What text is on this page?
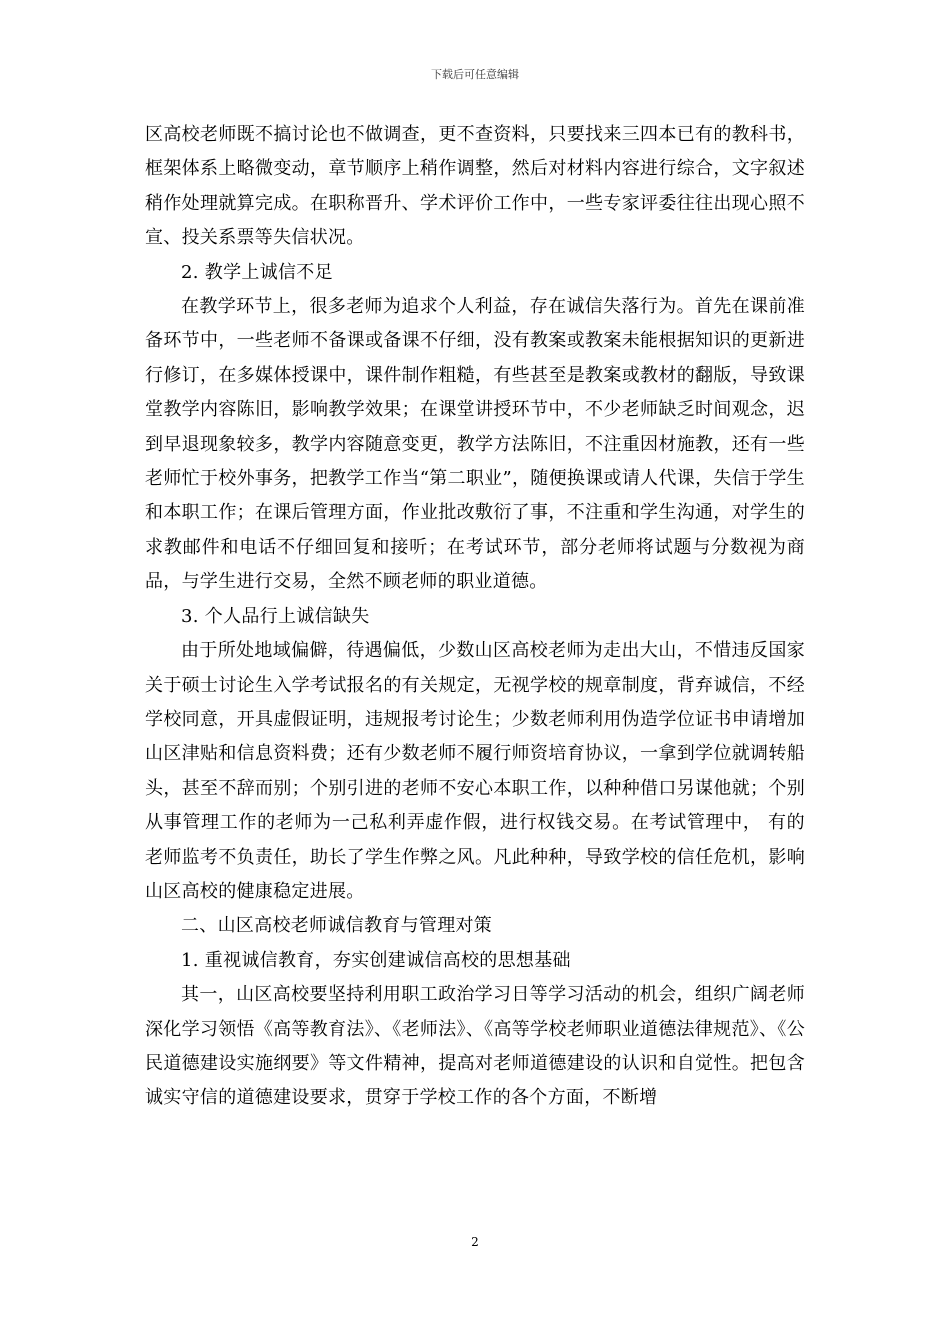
下载后可任意编辑

区高校老师既不搞讨论也不做调查，更不查资料，只要找来三四本已有的教科书，框架体系上略微变动，章节顺序上稍作调整，然后对材料内容进行综合，文字叙述稍作处理就算完成。在职称晋升、学术评价工作中，一些专家评委往往出现心照不宣、投关系票等失信状况。

2. 教学上诚信不足

在教学环节上，很多老师为追求个人利益，存在诚信失落行为。首先在课前准备环节中，一些老师不备课或备课不仔细，没有教案或教案未能根据知识的更新进行修订，在多媒体授课中，课件制作粗糙，有些甚至是教案或教材的翻版，导致课堂教学内容陈旧，影响教学效果；在课堂讲授环节中，不少老师缺乏时间观念，迟到早退现象较多，教学内容随意变更，教学方法陈旧，不注重因材施教，还有一些老师忙于校外事务，把教学工作当“第二职业”，随便换课或请人代课，失信于学生和本职工作；在课后管理方面，作业批改敷衍了事，不注重和学生沟通，对学生的求教邮件和电话不仔细回复和接听；在考试环节，部分老师将试题与分数视为商品，与学生进行交易，全然不顾老师的职业道德。

3. 个人品行上诚信缺失

由于所处地域偏僻，待遇偏低，少数山区高校老师为走出大山，不惜违反国家关于硕士讨论生入学考试报名的有关规定，无视学校的规章制度，背弃诚信，不经学校同意，开具虚假证明，违规报考讨论生；少数老师利用伪造学位证书申请增加山区津贴和信息资料费；还有少数老师不履行师资培育协议，一拿到学位就调转船头，甚至不辞而别；个别引进的老师不安心本职工作，以种种借口另谋他就；个别从事管理工作的老师为一己私利弄虚作假，进行权钱交易。在考试管理中， 有的老师监考不负责任，助长了学生作弊之风。凡此种种，导致学校的信任危机，影响山区高校的健康稳定进展。

二、山区高校老师诚信教育与管理对策

1. 重视诚信教育，夯实创建诚信高校的思想基础

其一，山区高校要坚持利用职工政治学习日等学习活动的机会，组织广阔老师深化学习领悟《高等教育法》、《老师法》、《高等学校老师职业道德法律规范》、《公民道德建设实施纲要》等文件精神，提高对老师道德建设的认识和自觉性。把包含诚实守信的道德建设要求，贯穿于学校工作的各个方面，不断增

2
